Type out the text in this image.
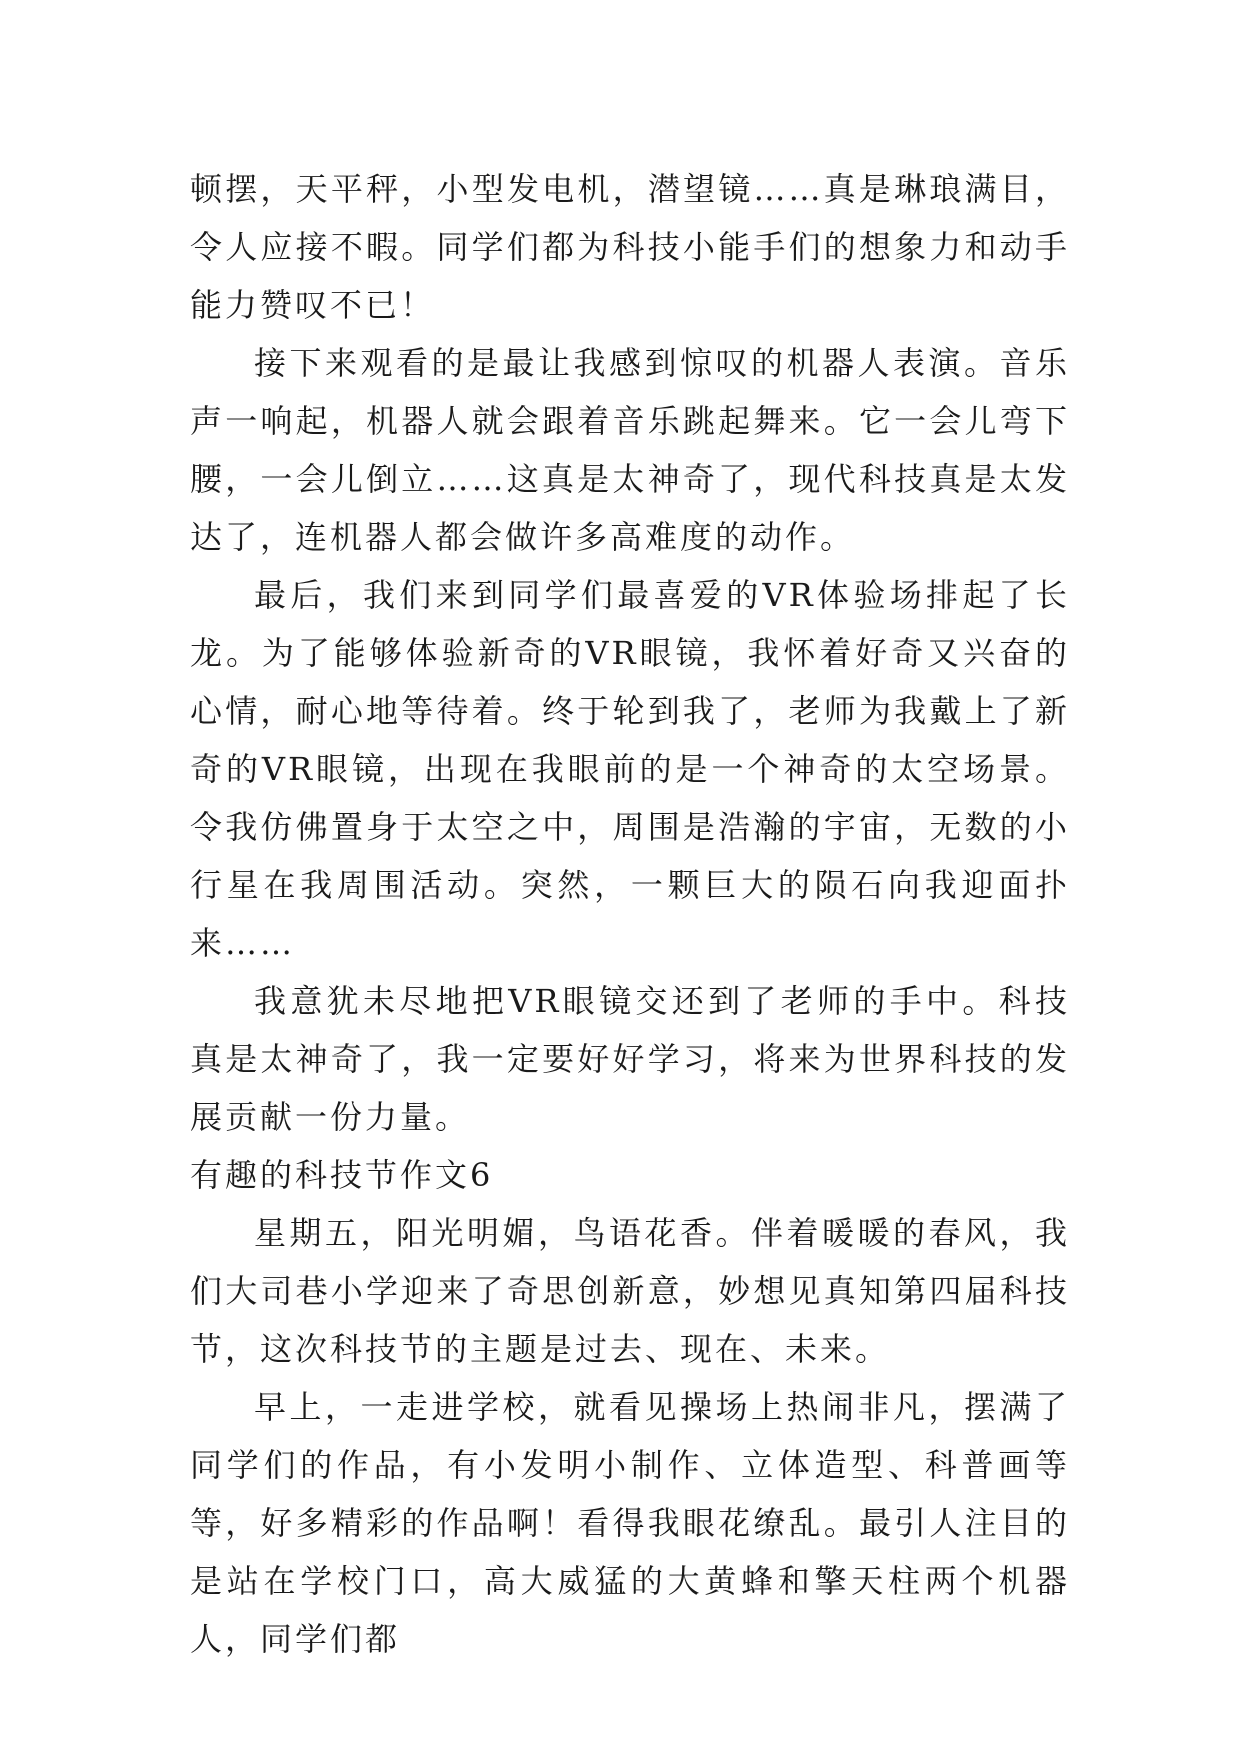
顿摆，天平秤，小型发电机，潜望镜……真是琳琅满目，令人应接不暇。同学们都为科技小能手们的想象力和动手能力赞叹不已！

接下来观看的是最让我感到惊叹的机器人表演。音乐声一响起，机器人就会跟着音乐跳起舞来。它一会儿弯下腰，一会儿倒立……这真是太神奇了，现代科技真是太发达了，连机器人都会做许多高难度的动作。

最后，我们来到同学们最喜爱的VR体验场排起了长龙。为了能够体验新奇的VR眼镜，我怀着好奇又兴奋的心情，耐心地等待着。终于轮到我了，老师为我戴上了新奇的VR眼镜，出现在我眼前的是一个神奇的太空场景。令我仿佛置身于太空之中，周围是浩瀚的宇宙，无数的小行星在我周围活动。突然，一颗巨大的陨石向我迎面扑来……

我意犹未尽地把VR眼镜交还到了老师的手中。科技真是太神奇了，我一定要好好学习，将来为世界科技的发展贡献一份力量。

有趣的科技节作文6

星期五，阳光明媚，鸟语花香。伴着暖暖的春风，我们大司巷小学迎来了奇思创新意，妙想见真知第四届科技节，这次科技节的主题是过去、现在、未来。

早上，一走进学校，就看见操场上热闹非凡，摆满了同学们的作品，有小发明小制作、立体造型、科普画等等，好多精彩的作品啊！看得我眼花缭乱。最引人注目的是站在学校门口，高大威猛的大黄蜂和擎天柱两个机器人，同学们都
